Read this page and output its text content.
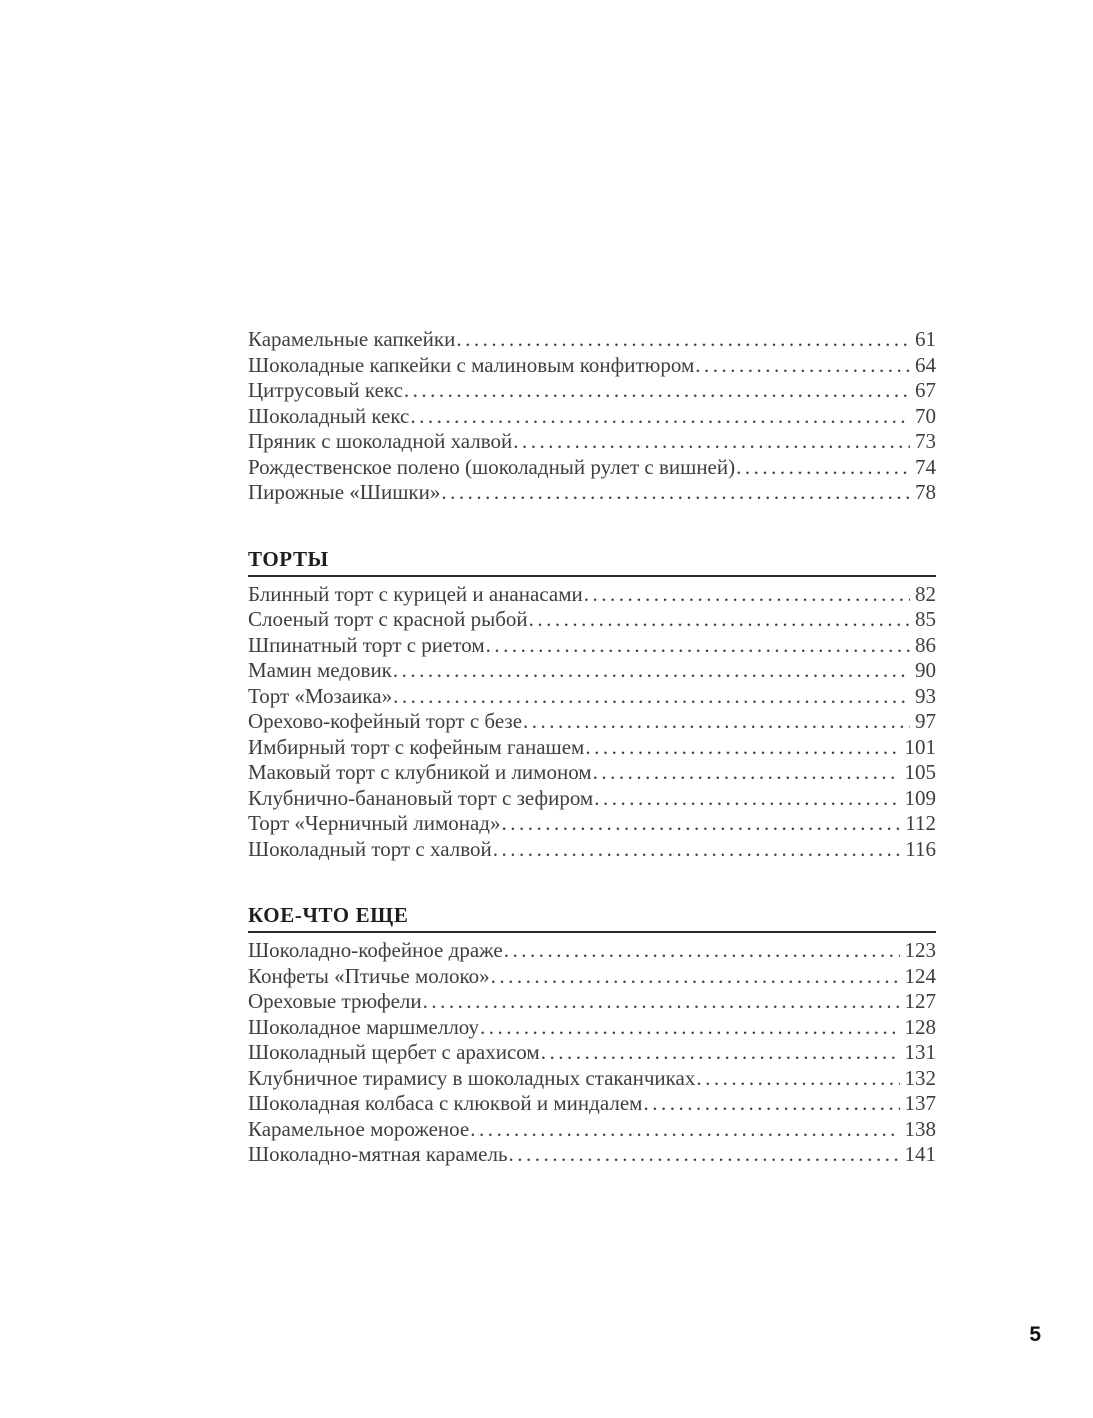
Карамельные капкейки .....	61
Шоколадные капкейки с малиновым конфитюром .....	64
Цитрусовый кекс .....	67
Шоколадный кекс .....	70
Пряник с шоколадной халвой .....	73
Рождественское полено (шоколадный рулет с вишней) .....	74
Пирожные «Шишки» .....	78
ТОРТЫ
Блинный торт с курицей и ананасами .....	82
Слоеный торт с красной рыбой .....	85
Шпинатный торт с риетом .....	86
Мамин медовик .....	90
Торт «Мозаика» .....	93
Орехово-кофейный торт с безе .....	97
Имбирный торт с кофейным ганашем .....	101
Маковый торт с клубникой и лимоном .....	105
Клубнично-банановый торт с зефиром .....	109
Торт «Черничный лимонад» .....	112
Шоколадный торт с халвой .....	116
КОЕ-ЧТО ЕЩЕ
Шоколадно-кофейное драже .....	123
Конфеты «Птичье молоко» .....	124
Ореховые трюфели .....	127
Шоколадное маршмеллоу .....	128
Шоколадный щербет с арахисом .....	131
Клубничное тирамису в шоколадных стаканчиках .....	132
Шоколадная колбаса с клюквой и миндалем .....	137
Карамельное мороженое .....	138
Шоколадно-мятная карамель .....	141
5
